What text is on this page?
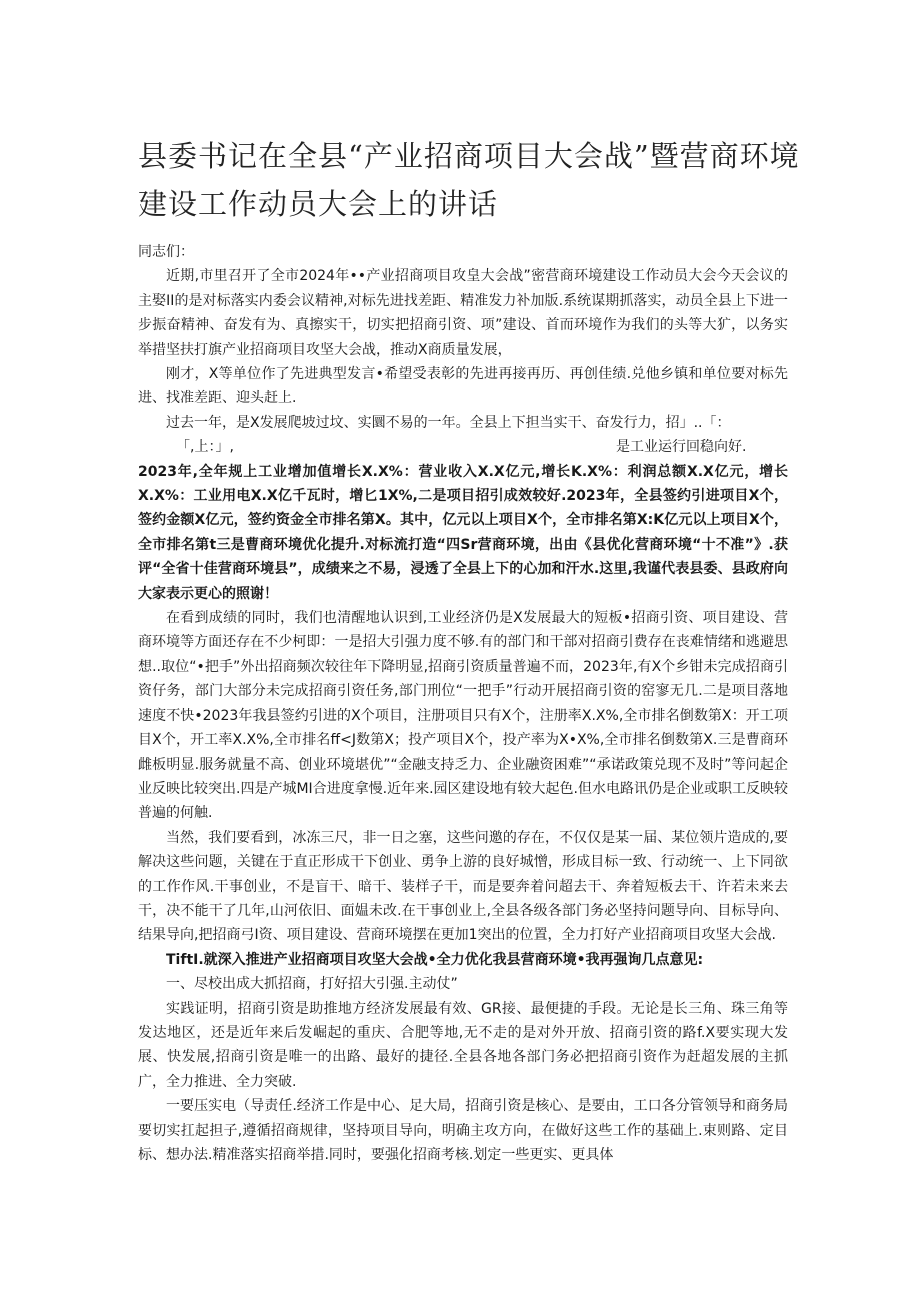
县委书记在全县“产业招商项目大会战”暨营商环境
建设工作动员大会上的讲话

同志们：

近期,市里召开了全市2024年••产业招商项目攻皇大会战”密营商环境建设工作动员大会今天会议的主娶II的是对标落实内委会议精神,对标先进找差距、精准发力补加版.系统谋期抓落实，动员全县上下进一步振奋精神、奋发有为、真擦实干，切实把招商引资、项”建设、首而环境作为我们的头等大犷，以务实举措坚扶打旗产业招商项目攻坚大会战，推动X商质量发展，

刚才，X等单位作了先进典型发言•希望受表彰的先进再接再历、再创佳绩.兑他乡镇和单位要对标先进、找准差距、迎头赶上.

过去一年，是X发展爬坡过坟、实圜不易的一年。全县上下担当实干、奋发行力，招」..「：

「,上：」,	是工业运行回稳向好.

2023年,全年规上工业增加值增长X.X%：营业收入X.X亿元,增长K.X%：利润总额X.X亿元，增长X.X%：工业用电X.X亿千瓦时，增匕1X%,二是项目招引成效较好.2023年，全县签约引进项目X个，签约金额X亿元，签约资金全市排名第X。其中，亿元以上项目X个，全市排名第X:K亿元以上项目X个，全市排名第t三是曹商环境优化提升.对标流打造“四Sr营商环境，出由《县优化营商环境“十不准”》.获评“全省十佳营商环境县”，成绩来之不易，浸透了全县上下的心加和汗水.这里,我谨代表县委、县政府向大家表示更心的照谢！

在看到成绩的同时，我们也清醒地认识到,工业经济仍是X发展最大的短板•招商引资、项目建设、营商环境等方面还存在不少柯即：一是招大引强力度不够.有的部门和干部对招商引费存在丧难情绪和逃避思想..取位“•把手”外出招商频次较往年下降明显,招商引资质量普遍不而，2023年,有X个乡钳未完成招商引资仔务，部门大部分未完成招商引资任务,部门刑位“一把手”行动开展招商引资的窑寥无几.二是项目落地速度不快•2023年我县签约引进的X个项目，注册项目只有X个，注册率X.X%,全市排名倒数第X：开工项目X个，开工率X.X%,全市排名ff<J数第X；投产项目X个，投产率为X•X%,全市排名倒数第X.三是曹商环雌板明显.服务就量不高、创业环境堪优”“金融支持乏力、企业融资困难”“承诺政策兑现不及时”等问起企业反映比较突出.四是产城MI合进度拿慢.近年来.园区建设地有较大起色.但水电路讯仍是企业或职工反映较普遍的何触.

当然，我们要看到，冰冻三尺，非一日之塞，这些问邀的存在，不仅仅是某一届、某位领片造成的,要解决这些问题，关键在于直正形成干下创业、勇争上游的良好城憎，形成目标一致、行动统一、上下同欲的工作作风.干事创业，不是盲干、暗干、装样子干，而是要奔着问超去干、奔着短板去干、许若未来去干，决不能干了几年,山河依旧、面媪未改.在干事创业上,全县各级各部门务必坚持问题导向、目标导向、结果导向,把招商弓I资、项目建设、营商环境摆在更加1突出的位置，全力打好产业招商项目攻坚大会战.

TiftI.就深入推进产业招商项目攻坚大会战•全力优化我县营商环境•我再强询几点意见:

一、尽校出成大抓招商，打好招大引强.主动仗”

实践证明，招商引资是助推地方经济发展最有效、GR接、最便捷的手段。无论是长三角、珠三角等发达地区，还是近年来后发崛起的重庆、合肥等地,无不走的是对外开放、招商引资的路f.X要实现大发展、快发展,招商引资是唯一的出路、最好的捷径.全县各地各部门务必把招商引资作为赶超发展的主抓广，全力推进、全力突破.

一要压实电（导责任.经济工作是中心、足大局，招商引资是核心、是要由，工口各分管领导和商务局要切实扛起担子,遵循招商规律，坚持项目导向，明确主攻方向，在做好这些工作的基础上.束则路、定目标、想办法.精准落实招商举措.同时，要强化招商考核.划定一些更实、更具体
